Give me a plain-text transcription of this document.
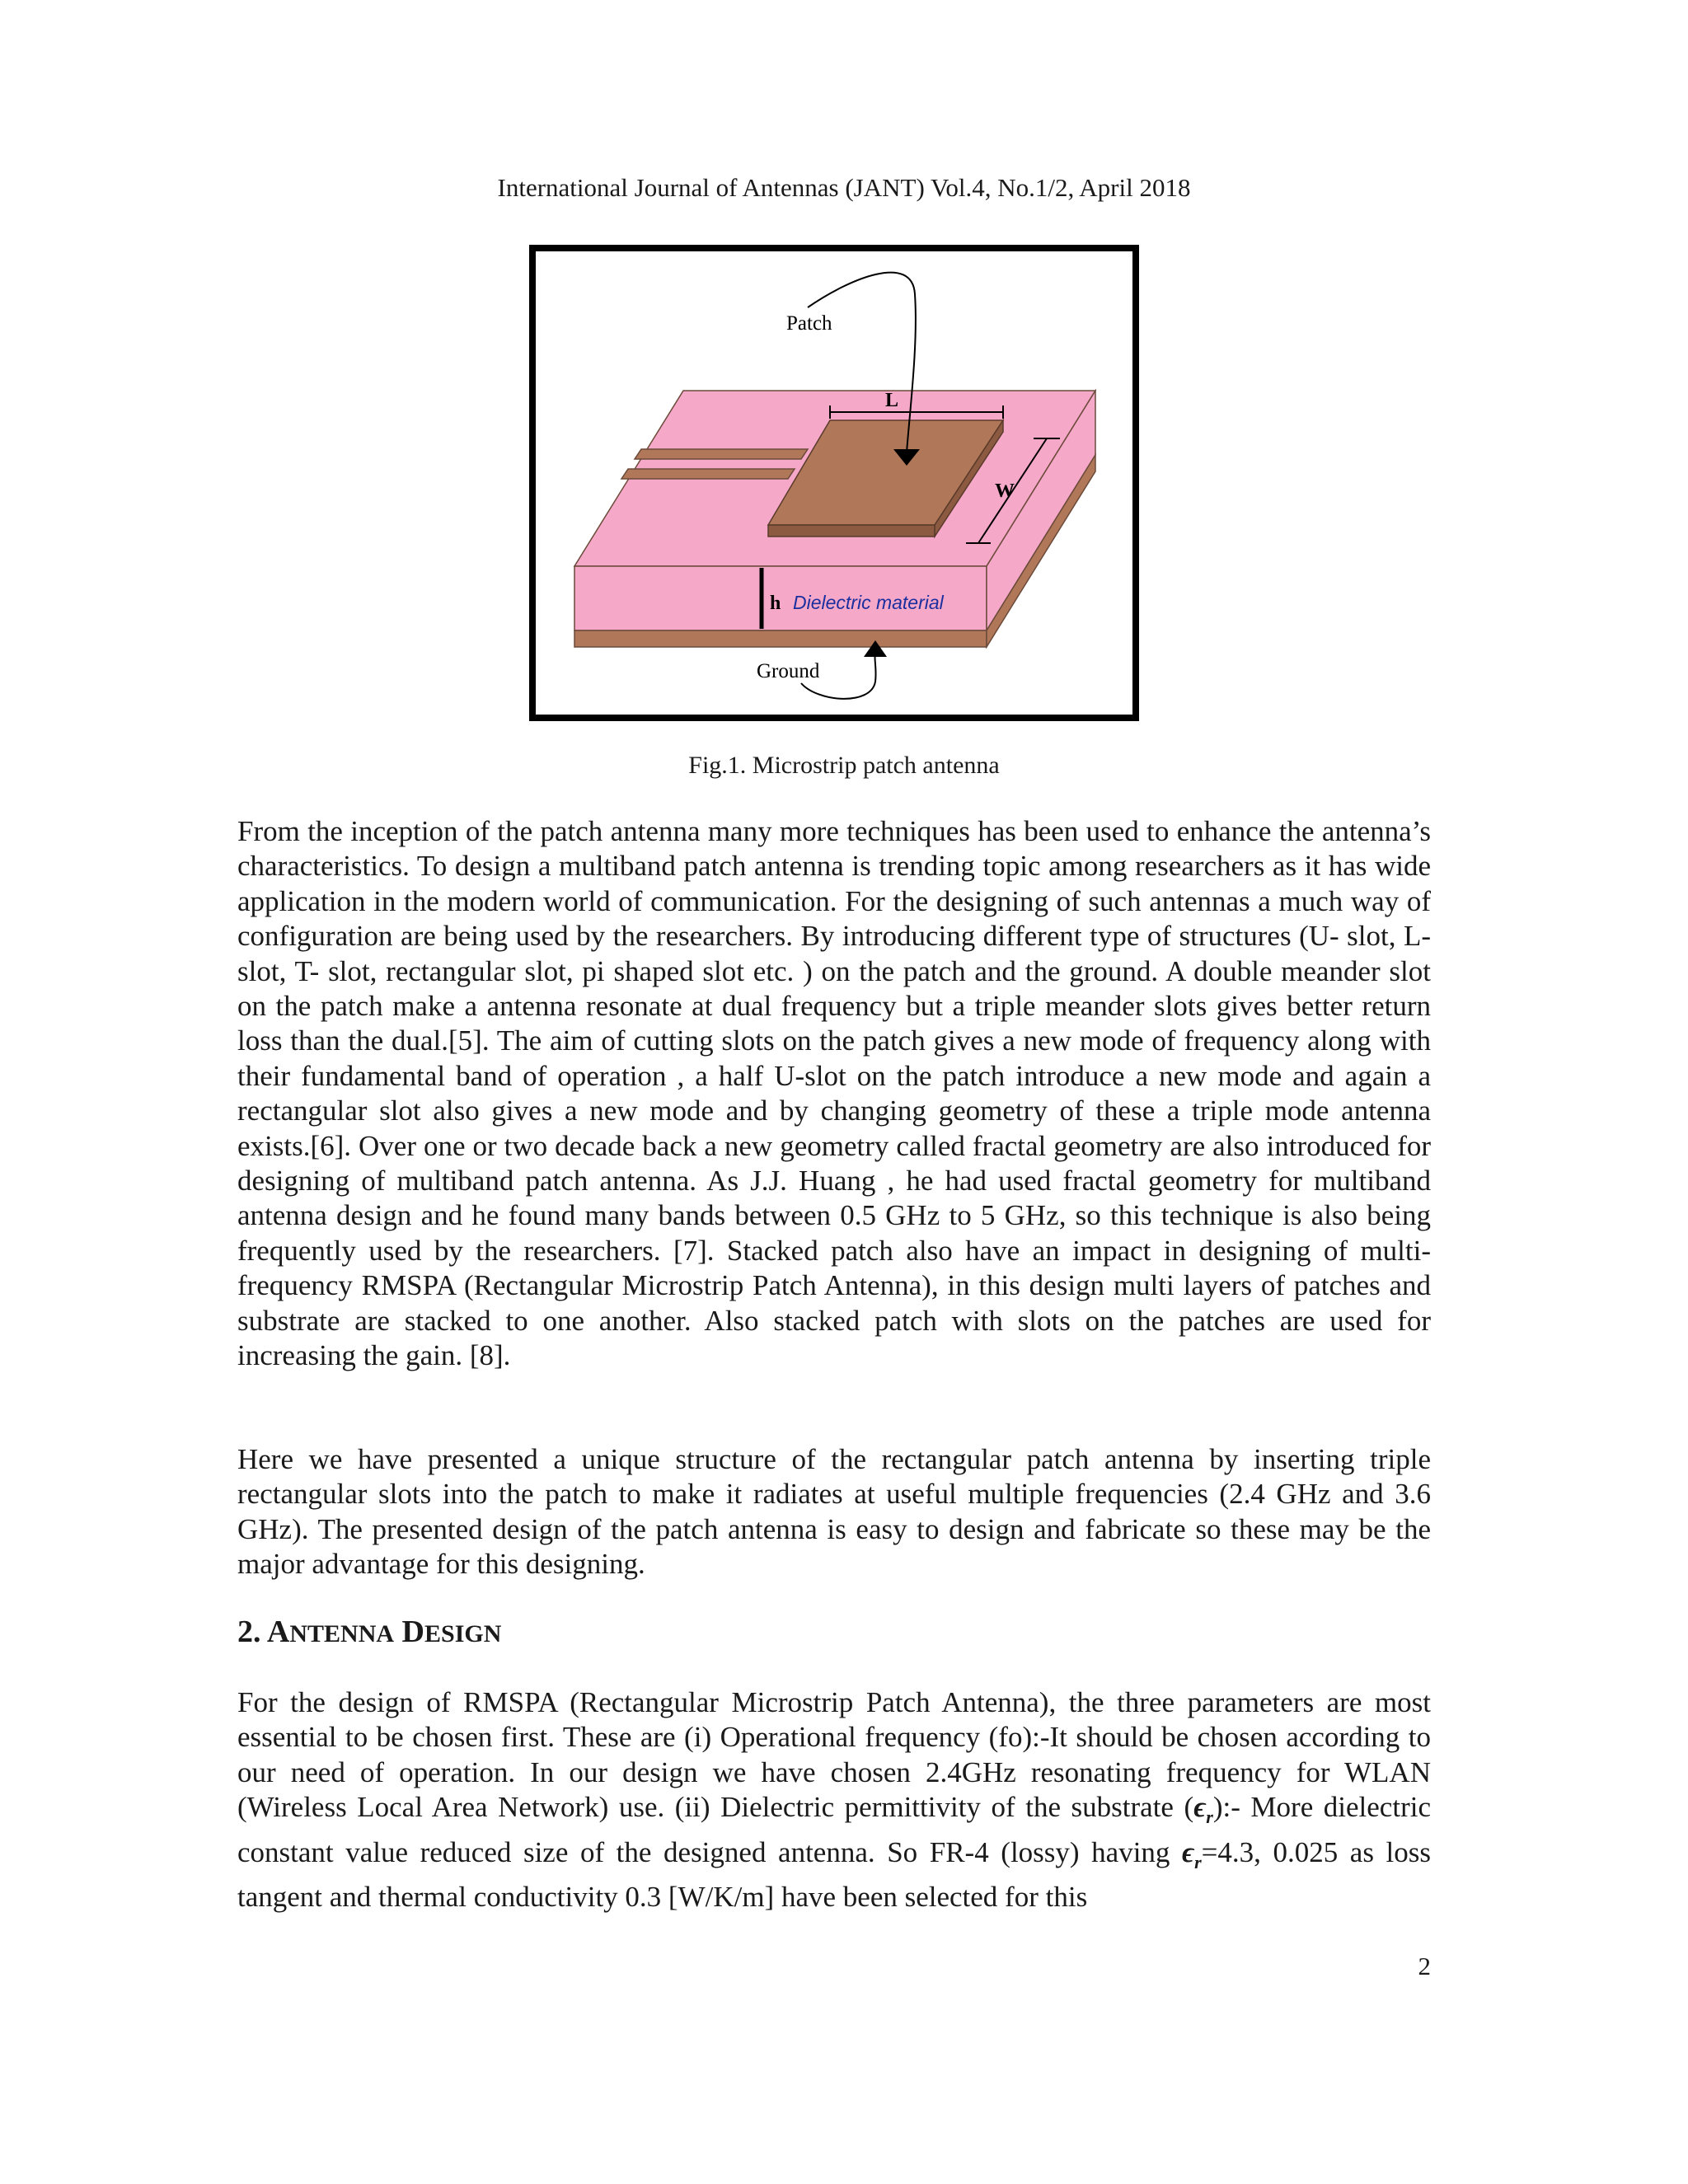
International Journal of Antennas (JANT) Vol.4, No.1/2, April 2018
L
W
h Dielectric material
Patch
Ground
Fig.1. Microstrip patch antenna

From the inception of the patch antenna many more techniques has been used to enhance the antenna’s characteristics. To design a multiband patch antenna is trending topic among researchers as it has wide application in the modern world of communication. For the designing of such antennas a much way of configuration are being used by the researchers. By introducing different type of structures (U- slot, L- slot, T- slot, rectangular slot, pi shaped slot etc. ) on the patch and the ground. A double meander slot on the patch make a antenna resonate at dual frequency but a triple meander slots gives better return loss than the dual.[5]. The aim of cutting slots on the patch gives a new mode of frequency along with their fundamental band of operation , a half U-slot on the patch introduce a new mode and again a rectangular slot also gives a new mode and by changing geometry of these a triple mode antenna exists.[6]. Over one or two decade back a new geometry called fractal geometry are also introduced for designing of multiband patch antenna. As J.J. Huang , he had used fractal geometry for multiband antenna design and he found many bands between 0.5 GHz to 5 GHz, so this technique is also being frequently used by the researchers. [7]. Stacked patch also have an impact in designing of multi-frequency RMSPA (Rectangular Microstrip Patch Antenna), in this design multi layers of patches and substrate are stacked to one another. Also stacked patch with slots on the patches are used for increasing the gain. [8].

Here we have presented a unique structure of the rectangular patch antenna by inserting triple rectangular slots into the patch to make it radiates at useful multiple frequencies (2.4 GHz and 3.6 GHz). The presented design of the patch antenna is easy to design and fabricate so these may be the major advantage for this designing.

2. ANTENNA DESIGN

For the design of RMSPA (Rectangular Microstrip Patch Antenna), the three parameters are most essential to be chosen first. These are (i) Operational frequency (fo):-It should be chosen according to our need of operation. In our design we have chosen 2.4GHz resonating frequency for WLAN (Wireless Local Area Network) use. (ii) Dielectric permittivity of the substrate $(\epsilon_r):-$ More dielectric constant value reduced size of the designed antenna. So FR-4 (lossy) having $\epsilon_r=4.3$, 0.025 as loss tangent and thermal conductivity 0.3 [W/K/m] have been selected for this

2
